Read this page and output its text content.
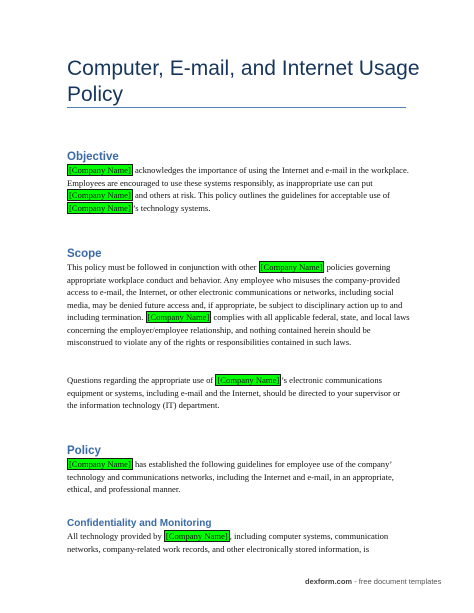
Computer, E-mail, and Internet Usage Policy
Objective
[Company Name] acknowledges the importance of using the Internet and e-mail in the workplace. Employees are encouraged to use these systems responsibly, as inappropriate use can put [Company Name] and others at risk. This policy outlines the guidelines for acceptable use of [Company Name] ’s technology systems.
Scope
This policy must be followed in conjunction with other [Company Name] policies governing appropriate workplace conduct and behavior. Any employee who misuses the company-provided access to e-mail, the Internet, or other electronic communications or networks, including social media, may be denied future access and, if appropriate, be subject to disciplinary action up to and including termination. [Company Name] complies with all applicable federal, state, and local laws concerning the employer/employee relationship, and nothing contained herein should be misconstrued to violate any of the rights or responsibilities contained in such laws.
Questions regarding the appropriate use of [Company Name] ’s electronic communications equipment or systems, including e-mail and the Internet, should be directed to your supervisor or the information technology (IT) department.
Policy
[Company Name] has established the following guidelines for employee use of the company’ technology and communications networks, including the Internet and e-mail, in an appropriate, ethical, and professional manner.
Confidentiality and Monitoring
All technology provided by [Company Name] , including computer systems, communication networks, company-related work records, and other electronically stored information, is
dexform.com - free document templates
